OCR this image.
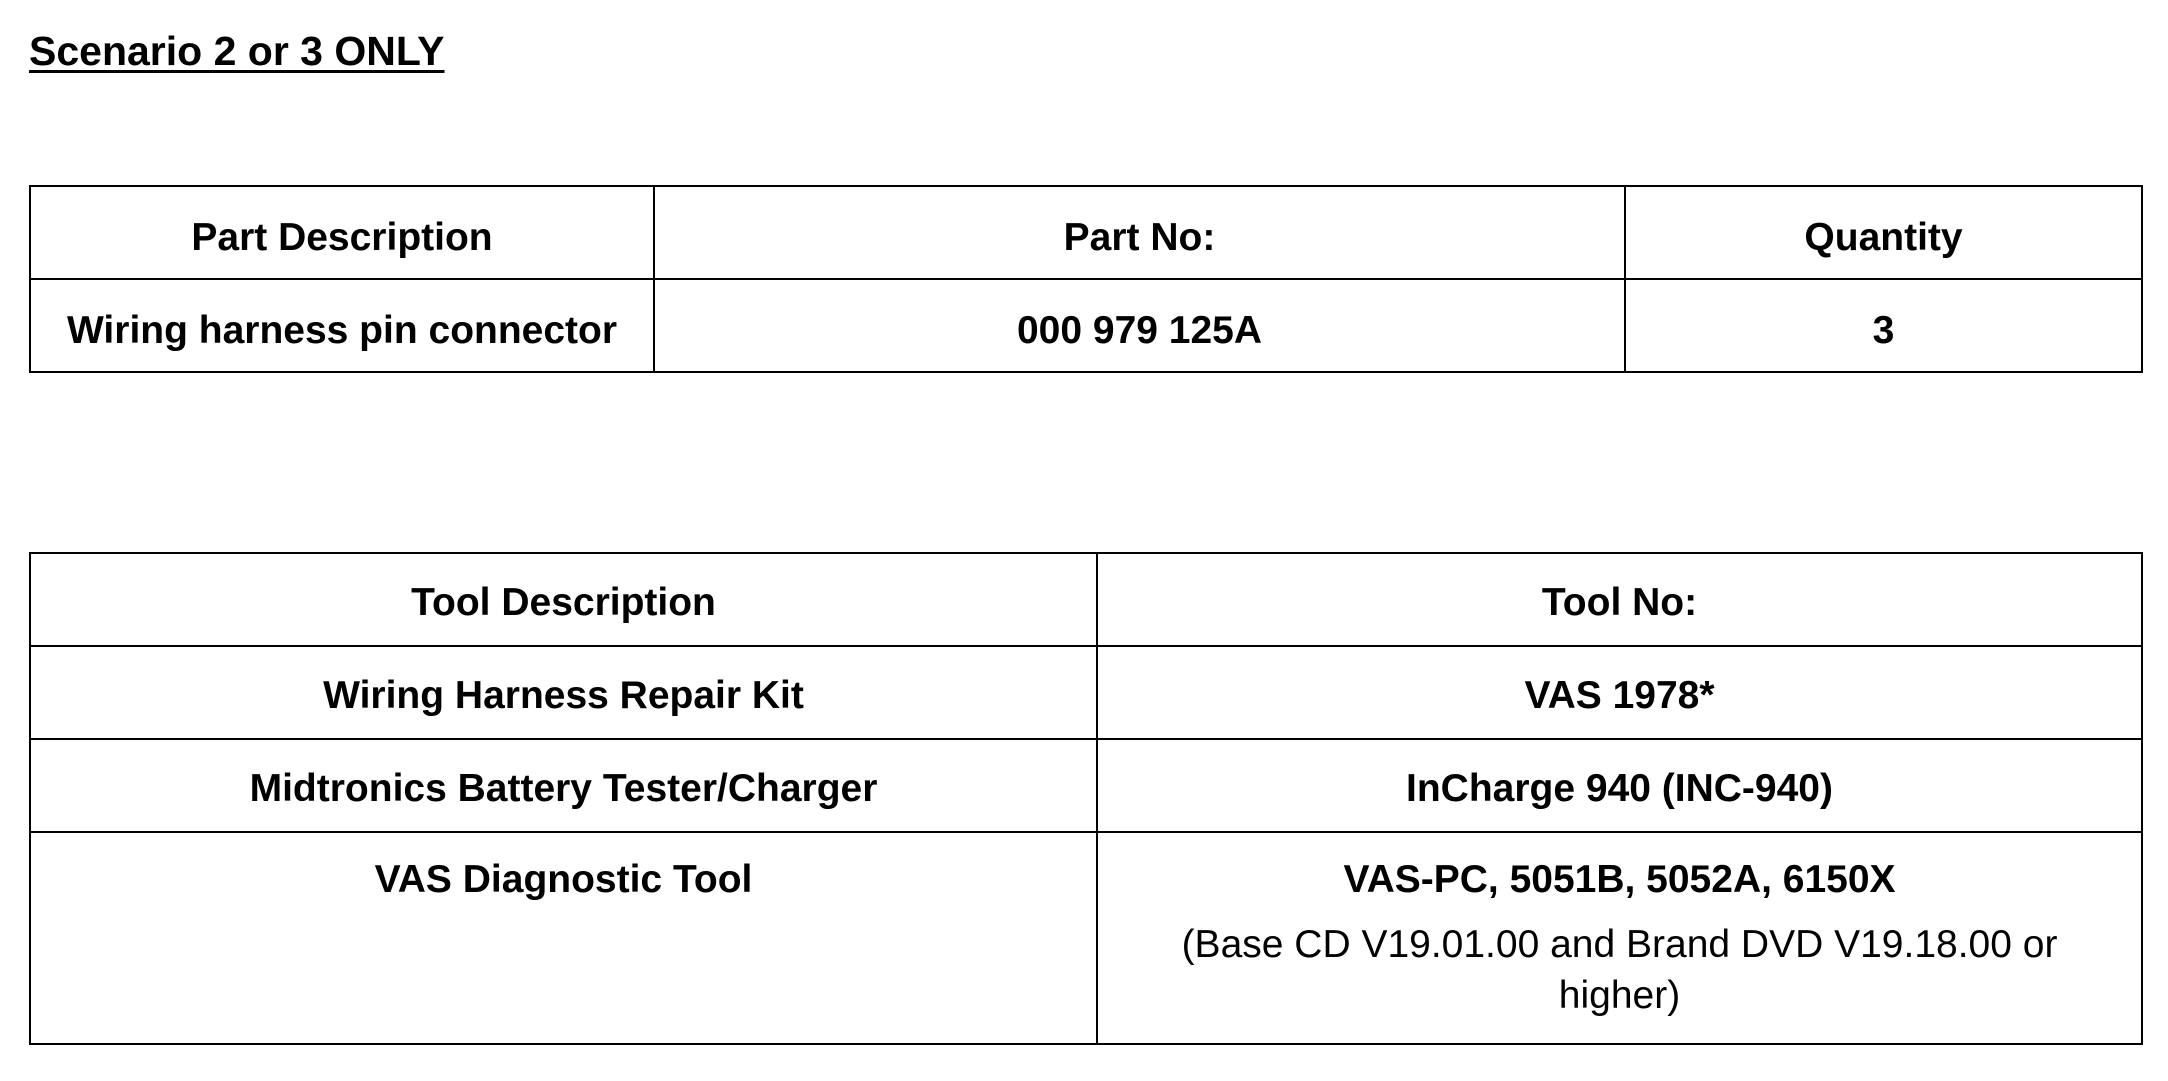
Scenario 2 or 3 ONLY
Part Description	Part No:	Quantity
Wiring harness pin connector	000 979 125A	3
Tool Description	Tool No:
Wiring Harness Repair Kit	VAS 1978*
Midtronics Battery Tester/Charger	InCharge 940 (INC-940)
VAS Diagnostic Tool	VAS-PC, 5051B, 5052A, 6150X
(Base CD V19.01.00 and Brand DVD V19.18.00 or higher)
